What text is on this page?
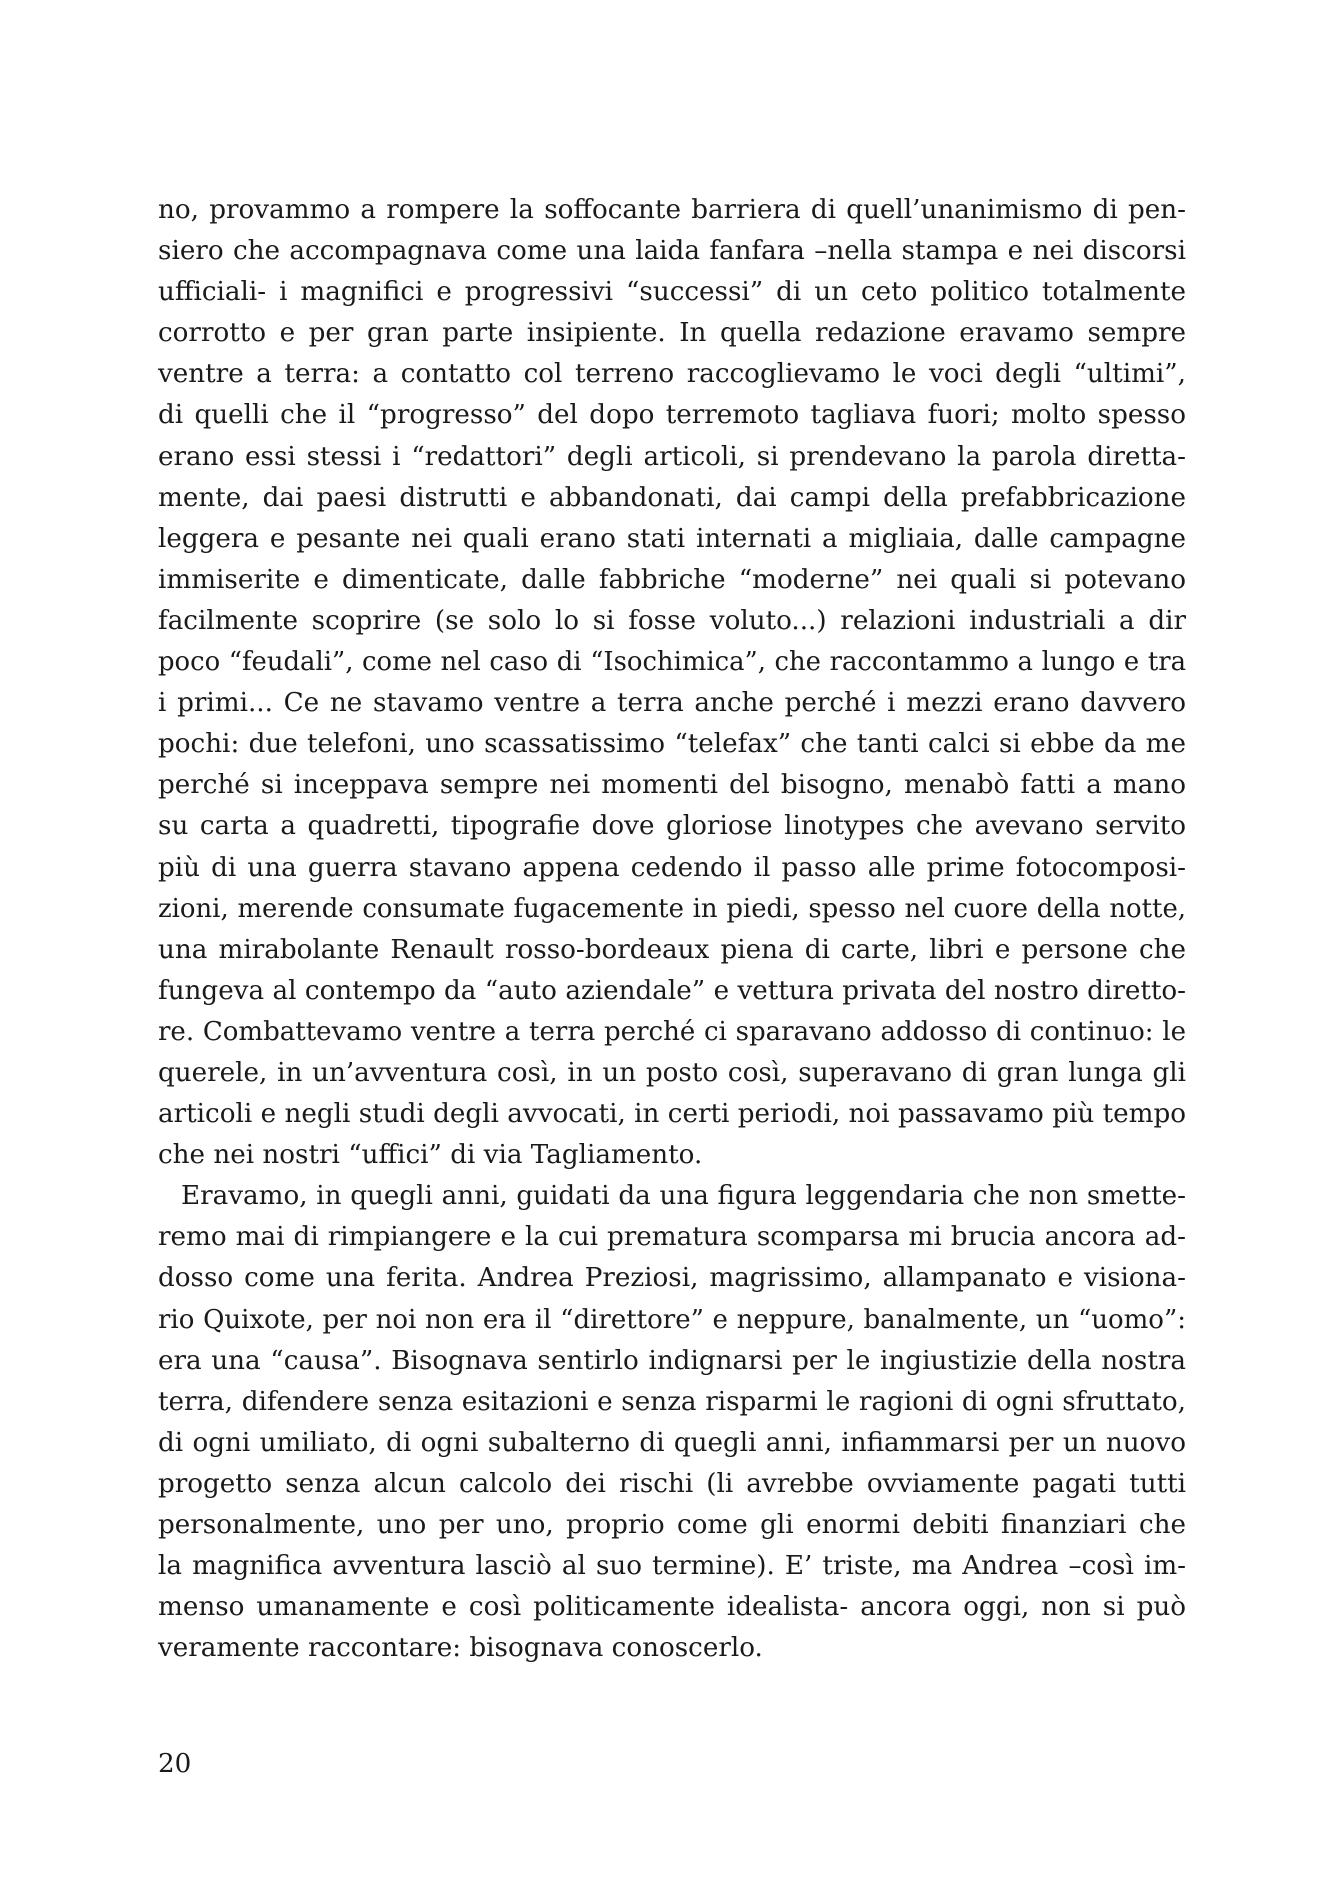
no, provammo a rompere la soffocante barriera di quell’unanimismo di pen-
siero che accompagnava come una laida fanfara –nella stampa e nei discorsi
ufficiali- i magnifici e progressivi “successi” di un ceto politico totalmente
corrotto e per gran parte insipiente. In quella redazione eravamo sempre
ventre a terra: a contatto col terreno raccoglievamo le voci degli “ultimi”,
di quelli che il “progresso” del dopo terremoto tagliava fuori; molto spesso
erano essi stessi i “redattori” degli articoli, si prendevano la parola diretta-
mente, dai paesi distrutti e abbandonati, dai campi della prefabbricazione
leggera e pesante nei quali erano stati internati a migliaia, dalle campagne
immiserite e dimenticate, dalle fabbriche “moderne” nei quali si potevano
facilmente scoprire (se solo lo si fosse voluto...) relazioni industriali a dir
poco “feudali”, come nel caso di “Isochimica”, che raccontammo a lungo e tra
i primi... Ce ne stavamo ventre a terra anche perché i mezzi erano davvero
pochi: due telefoni, uno scassatissimo “telefax” che tanti calci si ebbe da me
perché si inceppava sempre nei momenti del bisogno, menabò fatti a mano
su carta a quadretti, tipografie dove gloriose linotypes che avevano servito
più di una guerra stavano appena cedendo il passo alle prime fotocomposi-
zioni, merende consumate fugacemente in piedi, spesso nel cuore della notte,
una mirabolante Renault rosso-bordeaux piena di carte, libri e persone che
fungeva al contempo da “auto aziendale” e vettura privata del nostro diretto-
re. Combattevamo ventre a terra perché ci sparavano addosso di continuo: le
querele, in un’avventura così, in un posto così, superavano di gran lunga gli
articoli e negli studi degli avvocati, in certi periodi, noi passavamo più tempo
che nei nostri “uffici” di via Tagliamento.
Eravamo, in quegli anni, guidati da una figura leggendaria che non smette-
remo mai di rimpiangere e la cui prematura scomparsa mi brucia ancora ad-
dosso come una ferita. Andrea Preziosi, magrissimo, allampanato e visiona-
rio Quixote, per noi non era il “direttore” e neppure, banalmente, un “uomo”:
era una “causa”. Bisognava sentirlo indignarsi per le ingiustizie della nostra
terra, difendere senza esitazioni e senza risparmi le ragioni di ogni sfruttato,
di ogni umiliato, di ogni subalterno di quegli anni, infiammarsi per un nuovo
progetto senza alcun calcolo dei rischi (li avrebbe ovviamente pagati tutti
personalmente, uno per uno, proprio come gli enormi debiti finanziari che
la magnifica avventura lasciò al suo termine). E’ triste, ma Andrea –così im-
menso umanamente e così politicamente idealista- ancora oggi, non si può
veramente raccontare: bisognava conoscerlo.
20
